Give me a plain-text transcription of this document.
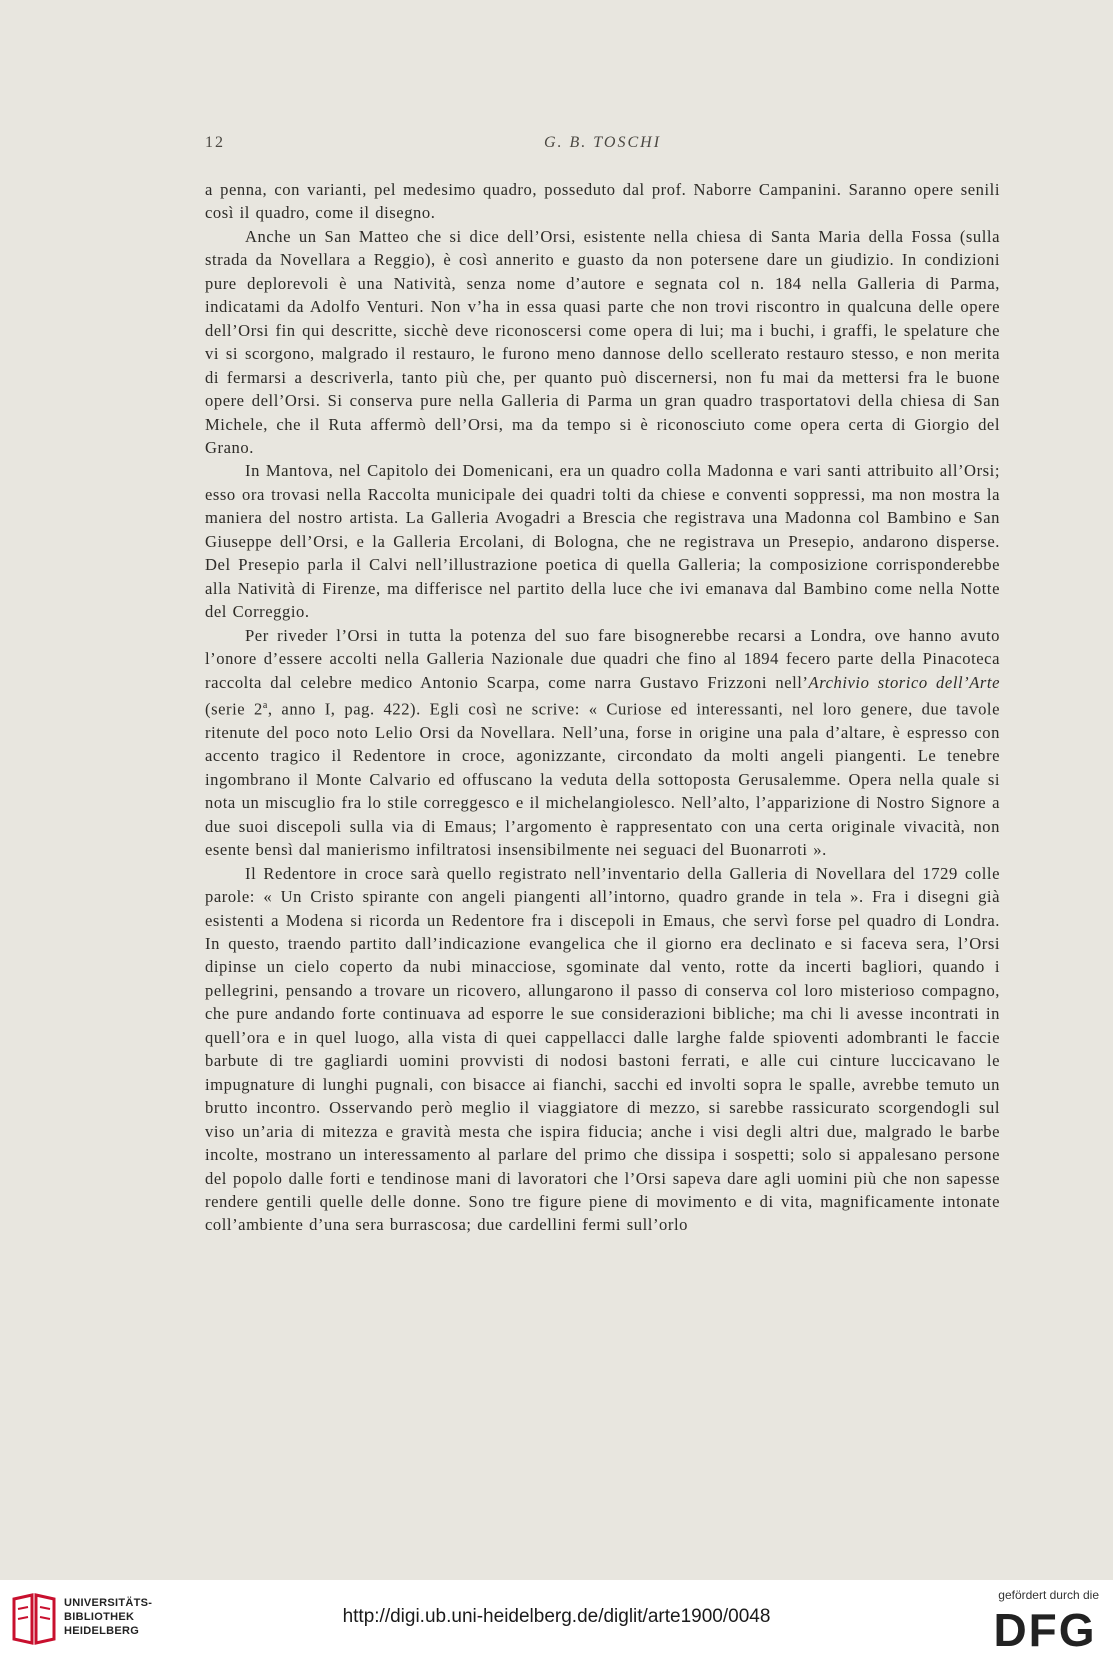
12	G. B. TOSCHI

a penna, con varianti, pel medesimo quadro, posseduto dal prof. Naborre Campanini. Saranno opere senili così il quadro, come il disegno.

Anche un San Matteo che si dice dell’Orsi, esistente nella chiesa di Santa Maria della Fossa (sulla strada da Novellara a Reggio), è così annerito e guasto da non potersene dare un giudizio. In condizioni pure deplorevoli è una Natività, senza nome d’autore e segnata col n. 184 nella Galleria di Parma, indicatami da Adolfo Venturi. Non v’ha in essa quasi parte che non trovi riscontro in qualcuna delle opere dell’Orsi fin qui descritte, sicchè deve riconoscersi come opera di lui; ma i buchi, i graffi, le spelature che vi si scorgono, malgrado il restauro, le furono meno dannose dello scellerato restauro stesso, e non merita di fermarsi a descriverla, tanto più che, per quanto può discernersi, non fu mai da mettersi fra le buone opere dell’Orsi. Si conserva pure nella Galleria di Parma un gran quadro trasportatovi della chiesa di San Michele, che il Ruta affermò dell’Orsi, ma da tempo si è riconosciuto come opera certa di Giorgio del Grano.

In Mantova, nel Capitolo dei Domenicani, era un quadro colla Madonna e vari santi attribuito all’Orsi; esso ora trovasi nella Raccolta municipale dei quadri tolti da chiese e conventi soppressi, ma non mostra la maniera del nostro artista. La Galleria Avogadri a Brescia che registrava una Madonna col Bambino e San Giuseppe dell’Orsi, e la Galleria Ercolani, di Bologna, che ne registrava un Presepio, andarono disperse. Del Presepio parla il Calvi nell’illustrazione poetica di quella Galleria; la composizione corrisponderebbe alla Natività di Firenze, ma differisce nel partito della luce che ivi emanava dal Bambino come nella Notte del Correggio.

Per riveder l’Orsi in tutta la potenza del suo fare bisognerebbe recarsi a Londra, ove hanno avuto l’onore d’essere accolti nella Galleria Nazionale due quadri che fino al 1894 fecero parte della Pinacoteca raccolta dal celebre medico Antonio Scarpa, come narra Gustavo Frizzoni nell’Archivio storico dell’Arte (serie 2$^a$, anno I, pag. 422). Egli così ne scrive: « Curiose ed interessanti, nel loro genere, due tavole ritenute del poco noto Lelio Orsi da Novellara. Nell’una, forse in origine una pala d’altare, è espresso con accento tragico il Redentore in croce, agonizzante, circondato da molti angeli piangenti. Le tenebre ingombrano il Monte Calvario ed offuscano la veduta della sottoposta Gerusalemme. Opera nella quale si nota un miscuglio fra lo stile correggesco e il michelangiolesco. Nell’alto, l’apparizione di Nostro Signore a due suoi discepoli sulla via di Emaus; l’argomento è rappresentato con una certa originale vivacità, non esente bensì dal manierismo infiltratosi insensibilmente nei seguaci del Buonarroti ».

Il Redentore in croce sarà quello registrato nell’inventario della Galleria di Novellara del 1729 colle parole: « Un Cristo spirante con angeli piangenti all’intorno, quadro grande in tela ». Fra i disegni già esistenti a Modena si ricorda un Redentore fra i discepoli in Emaus, che servì forse pel quadro di Londra. In questo, traendo partito dall’indicazione evangelica che il giorno era declinato e si faceva sera, l’Orsi dipinse un cielo coperto da nubi minacciose, sgominate dal vento, rotte da incerti bagliori, quando i pellegrini, pensando a trovare un ricovero, allungarono il passo di conserva col loro misterioso compagno, che pure andando forte continuava ad esporre le sue considerazioni bibliche; ma chi li avesse incontrati in quell’ora e in quel luogo, alla vista di quei cappellacci dalle larghe falde spioventi adombranti le faccie barbute di tre gagliardi uomini provvisti di nodosi bastoni ferrati, e alle cui cinture luccicavano le impugnature di lunghi pugnali, con bisacce ai fianchi, sacchi ed involti sopra le spalle, avrebbe temuto un brutto incontro. Osservando però meglio il viaggiatore di mezzo, si sarebbe rassicurato scorgendogli sul viso un’aria di mitezza e gravità mesta che ispira fiducia; anche i visi degli altri due, malgrado le barbe incolte, mostrano un interessamento al parlare del primo che dissipa i sospetti; solo si appalesano persone del popolo dalle forti e tendinose mani di lavoratori che l’Orsi sapeva dare agli uomini più che non sapesse rendere gentili quelle delle donne. Sono tre figure piene di movimento e di vita, magnificamente intonate coll’ambiente d’una sera burrascosa; due cardellini fermi sull’orlo

UNIVERSITÄTS-
BIBLIOTHEK
HEIDELBERG
http://digi.ub.uni-heidelberg.de/diglit/arte1900/0048
gefördert durch die
DFG
